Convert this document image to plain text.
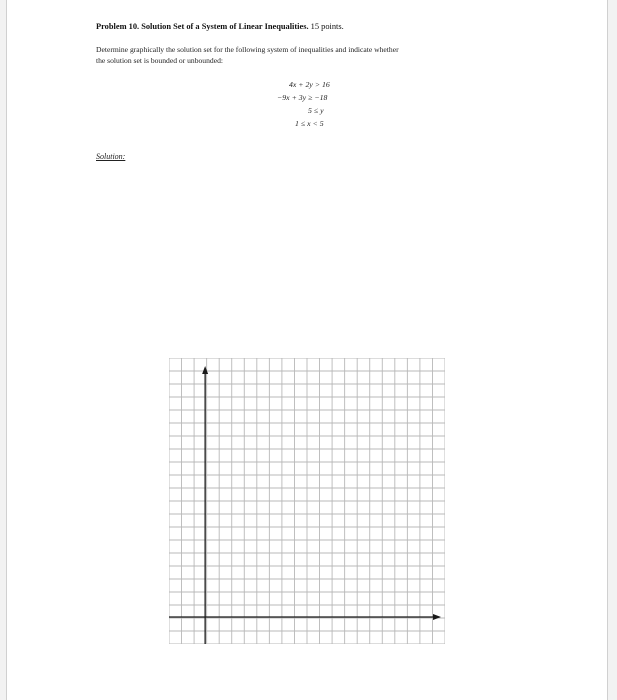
Problem 10. Solution Set of a System of Linear Inequalities. 15 points.
Determine graphically the solution set for the following system of inequalities and indicate whether
the solution set is bounded or unbounded:
4x + 2y > 16
−9x + 3y ≥ −18
5 ≤ y
1 ≤ x < 5
Solution:
